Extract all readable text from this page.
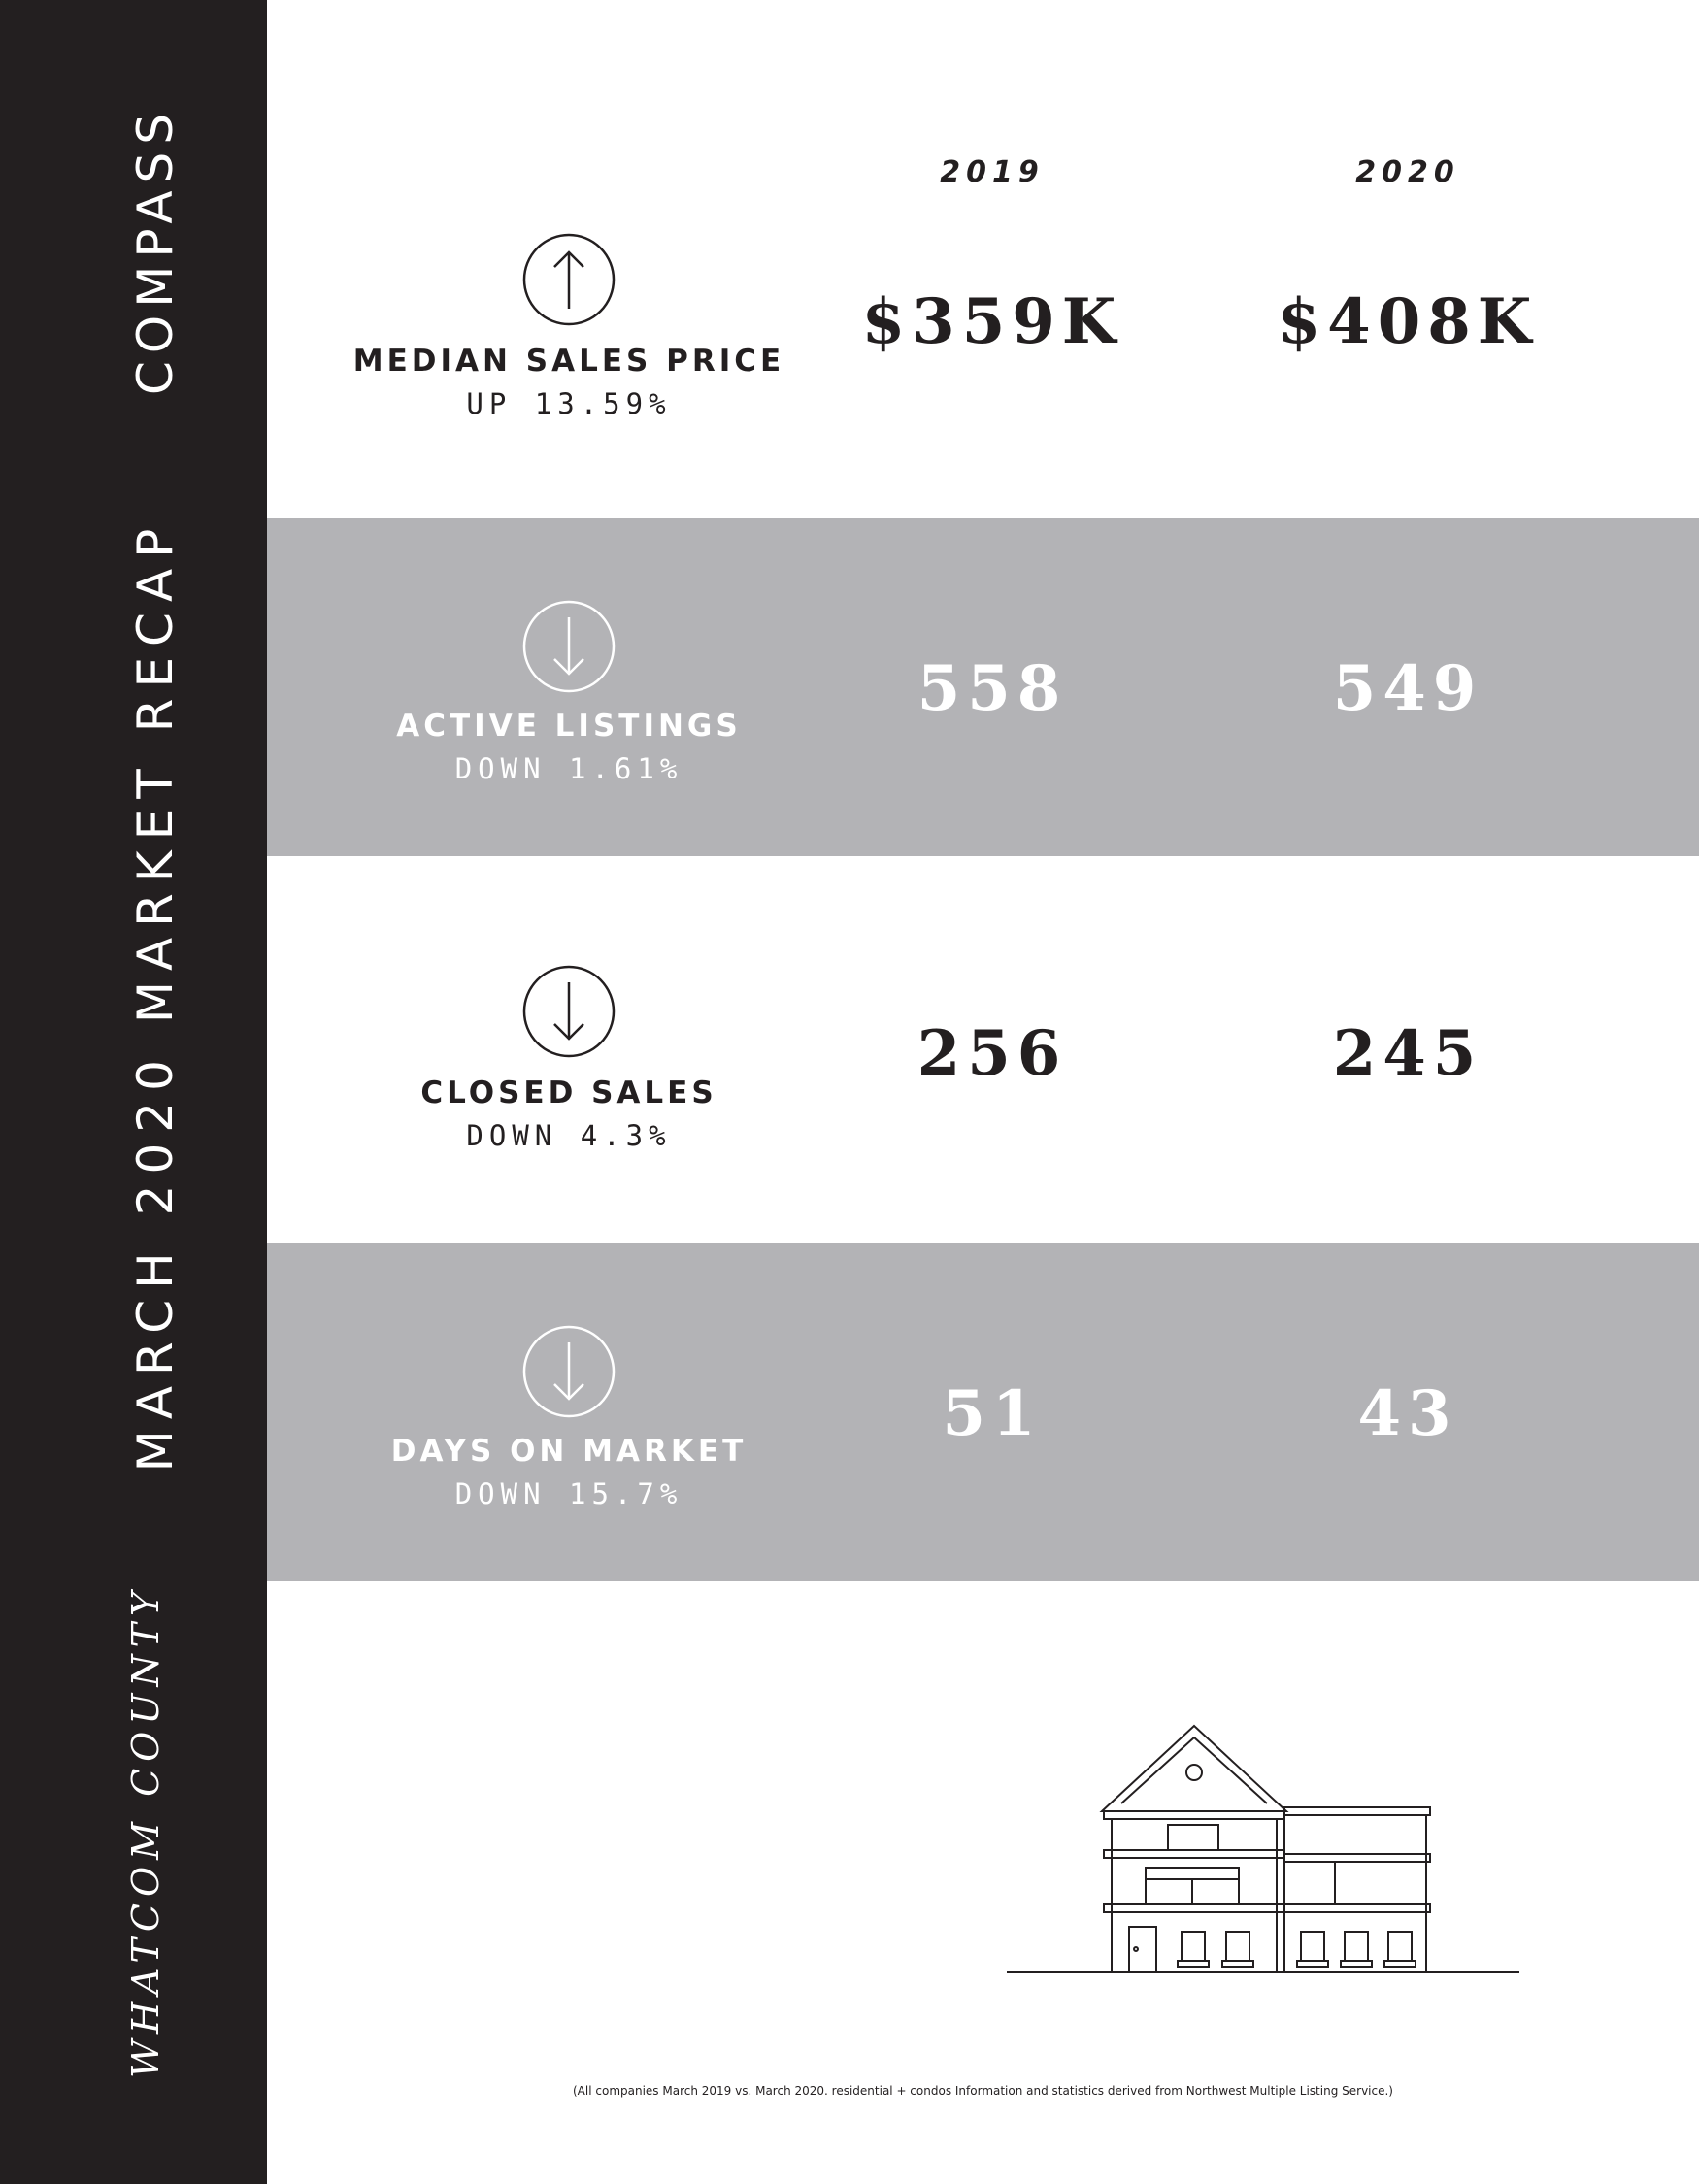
COMPASS
MARCH 2020 MARKET RECAP
WHATCOM COUNTY
2019	2020
MEDIAN SALES PRICE
UP 13.59%
$359K	$408K
ACTIVE LISTINGS
DOWN 1.61%
558	549
CLOSED SALES
DOWN 4.3%
256	245
DAYS ON MARKET
DOWN 15.7%
51	43
(All companies March 2019 vs. March 2020. residential + condos Information and statistics derived from Northwest Multiple Listing Service.)
